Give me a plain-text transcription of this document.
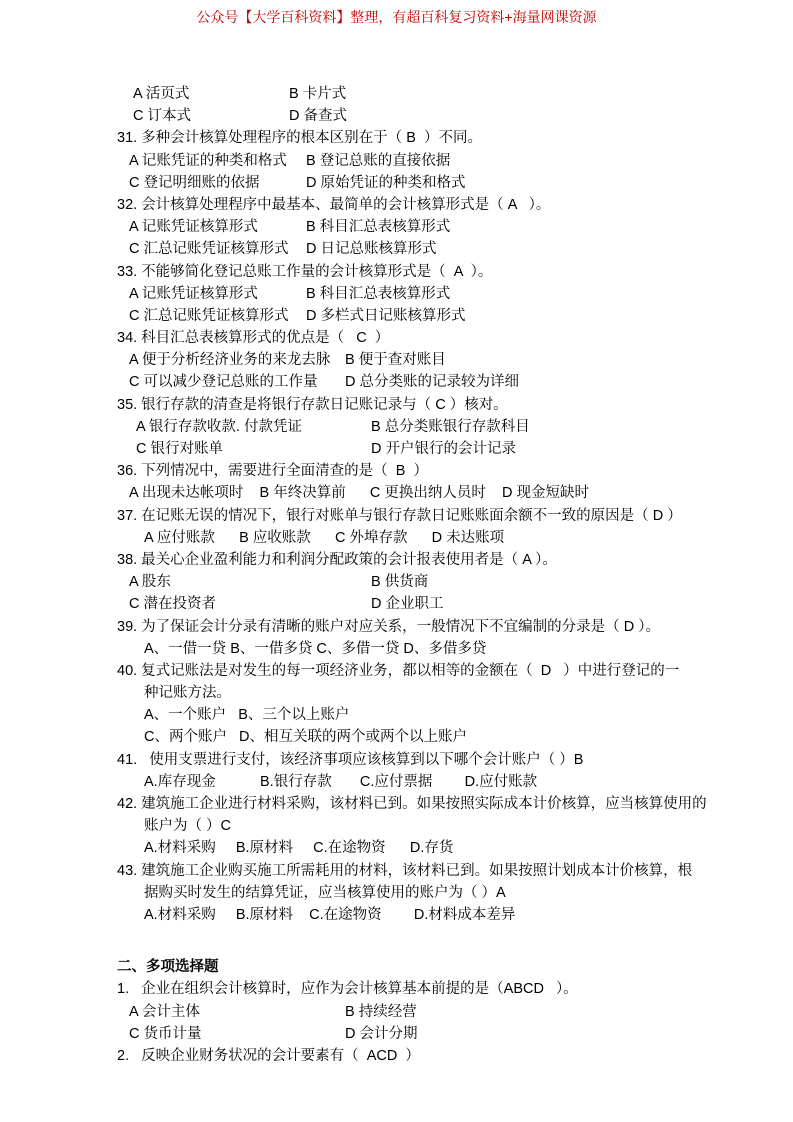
公众号【大学百科资料】整理，有超百科复习资料+海量网课资源
A 活页式	B 卡片式
C 订本式	D 备查式
31. 多种会计核算处理程序的根本区别在于（ B  ）不同。
A 记账凭证的种类和格式 B 登记总账的直接依据
C 登记明细账的依据	D 原始凭证的种类和格式
32. 会计核算处理程序中最基本、最简单的会计核算形式是（ A   ）。
A 记账凭证核算形式	B 科目汇总表核算形式
C 汇总记账凭证核算形式 D 日记总账核算形式
33. 不能够简化登记总账工作量的会计核算形式是（  A  ）。
A 记账凭证核算形式	B 科目汇总表核算形式
C 汇总记账凭证核算形式 D 多栏式日记账核算形式
34. 科目汇总表核算形式的优点是（   C  ）
A 便于分析经济业务的来龙去脉 B 便于查对账目
C 可以减少登记总账的工作量 D 总分类账的记录较为详细
35. 银行存款的清查是将银行存款日记账记录与（ C ）核对。
A 银行存款收款. 付款凭证	B 总分类账银行存款科目
C 银行对账单	D 开户银行的会计记录
36. 下列情况中，需要进行全面清查的是（  B  ）
A 出现未达帐项时    B 年终决算前      C 更换出纳人员时    D 现金短缺时
37. 在记账无误的情况下，银行对账单与银行存款日记账账面余额不一致的原因是（ D ）
A 应付账款      B 应收账款      C 外埠存款      D 未达账项
38. 最关心企业盈利能力和利润分配政策的会计报表使用者是（ A ）。
A 股东	B 供货商
C 潜在投资者	D 企业职工
39. 为了保证会计分录有清晰的账户对应关系，一般情况下不宜编制的分录是（ D ）。
A、一借一贷 B、一借多贷 C、多借一贷 D、多借多贷
40. 复式记账法是对发生的每一项经济业务，都以相等的金额在（  D   ）中进行登记的一
种记账方法。
A、一个账户   B、三个以上账户
C、两个账户   D、相互关联的两个或两个以上账户
41.   使用支票进行支付，该经济事项应该核算到以下哪个会计账户（ ）B
A.库存现金           B.银行存款       C.应付票据        D.应付账款
42. 建筑施工企业进行材料采购，该材料已到。如果按照实际成本计价核算，应当核算使用的
账户为（ ）C
A.材料采购     B.原材料     C.在途物资      D.存货
43. 建筑施工企业购买施工所需耗用的材料，该材料已到。如果按照计划成本计价核算，根
据购买时发生的结算凭证，应当核算使用的账户为（ ）A
A.材料采购     B.原材料    C.在途物资        D.材料成本差异
二、多项选择题
1.   企业在组织会计核算时，应作为会计核算基本前提的是（ABCD   ）。
A 会计主体	B 持续经营
C 货币计量	D 会计分期
2.   反映企业财务状况的会计要素有（  ACD  ）
